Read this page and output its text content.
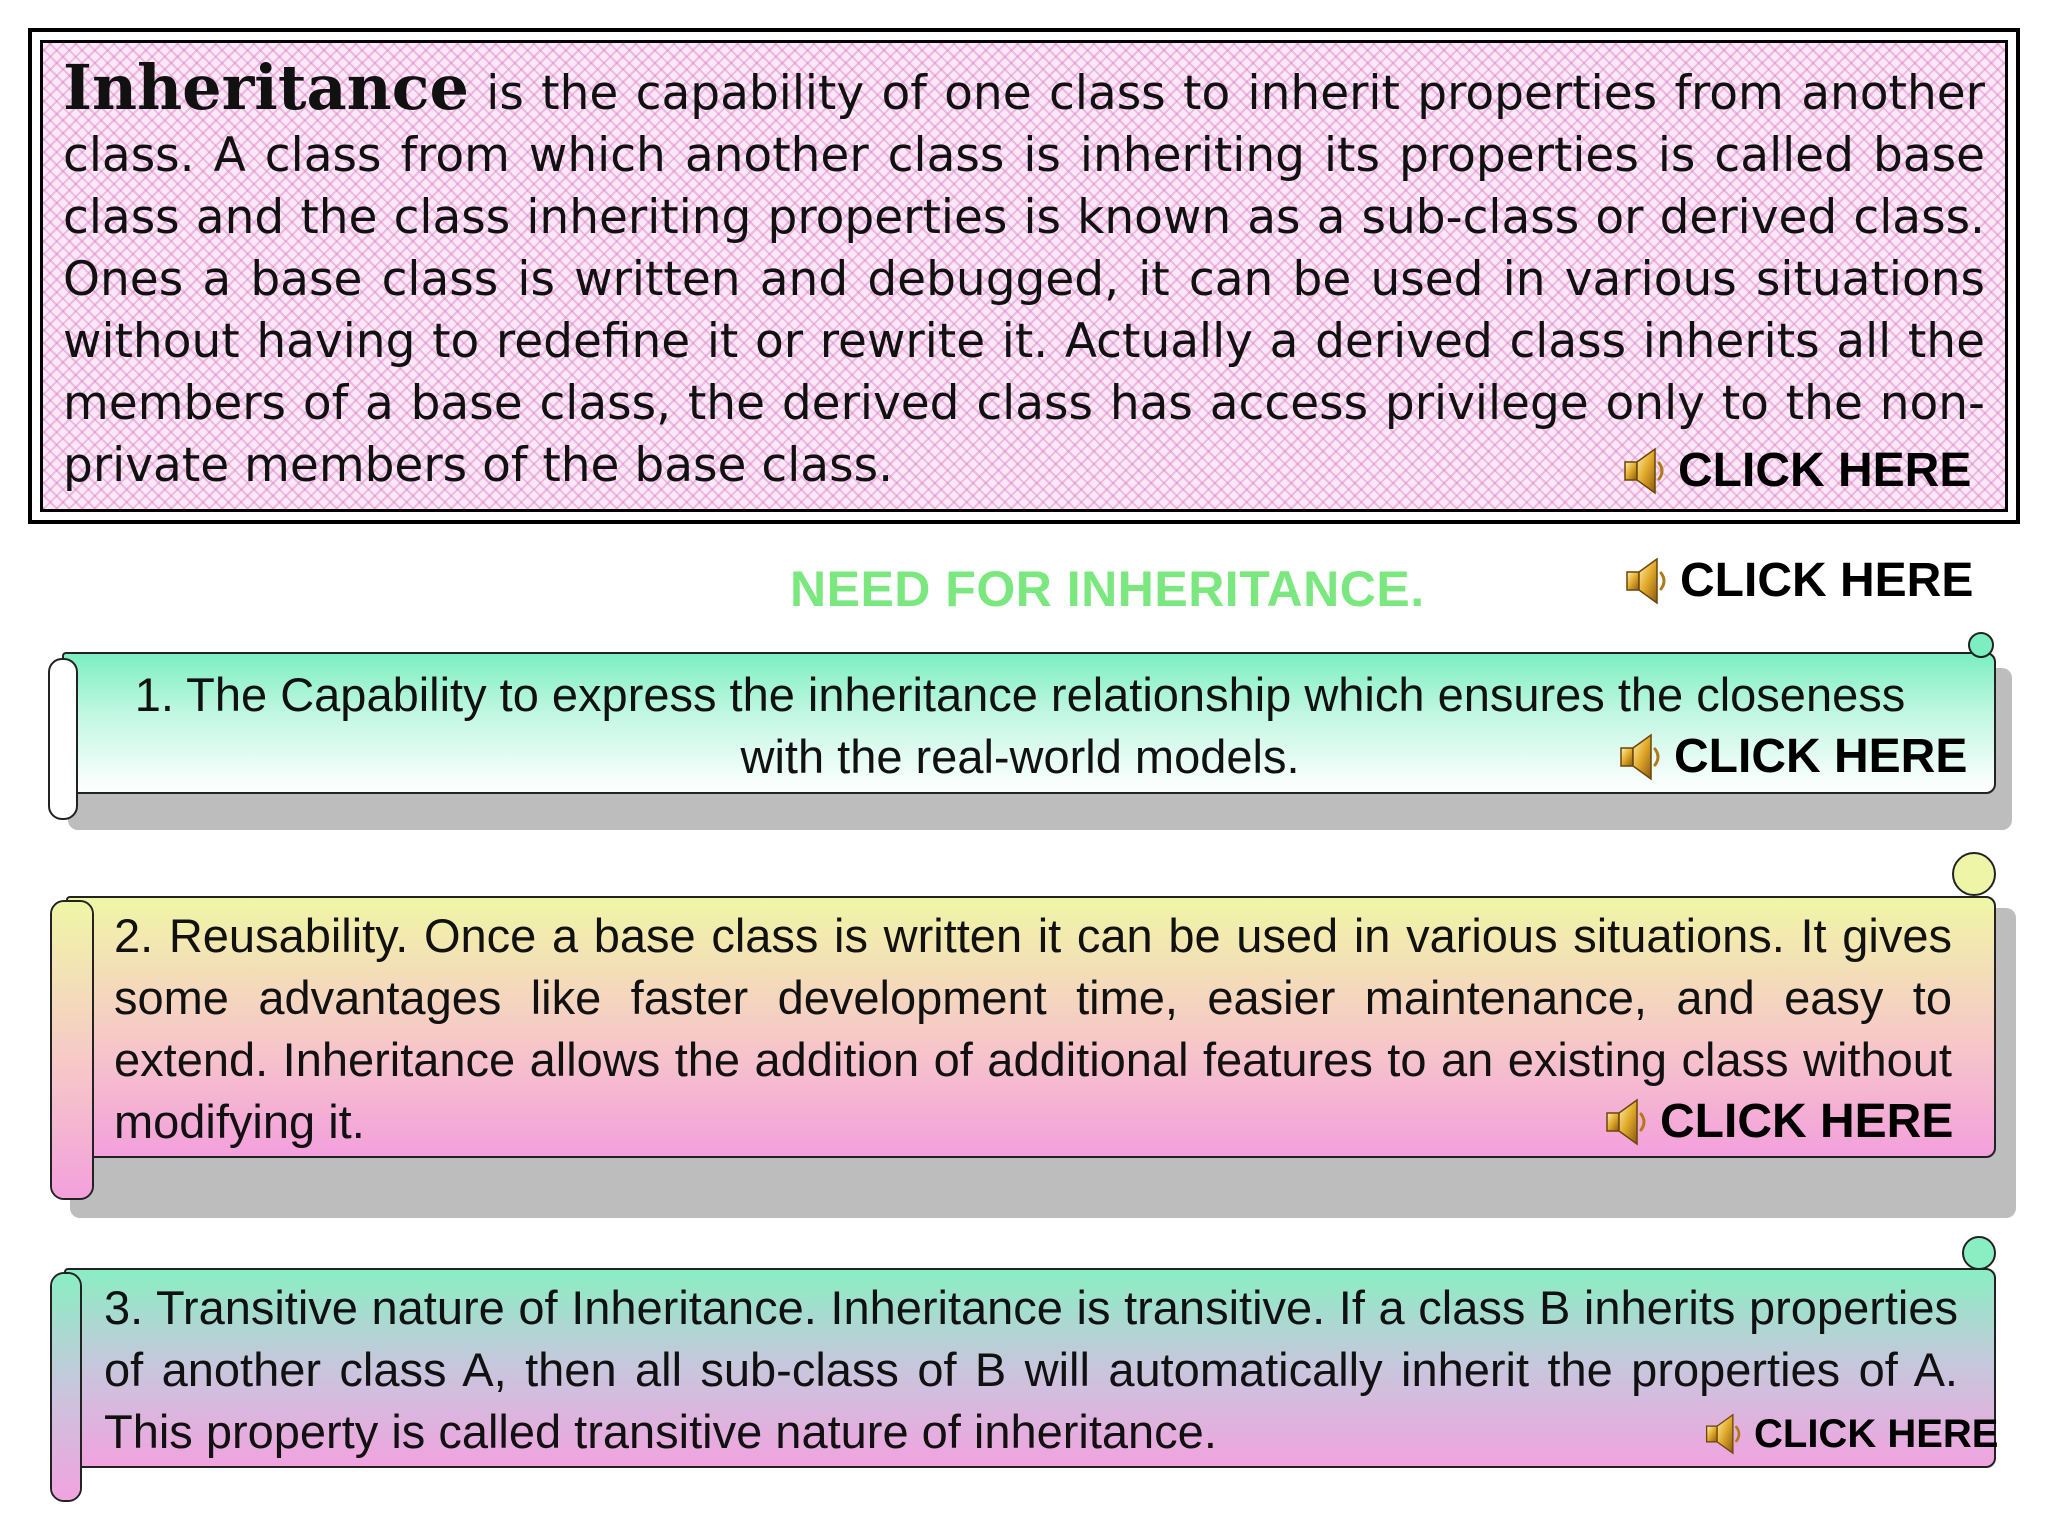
Inheritance is the capability of one class to inherit properties from another class. A class from which another class is inheriting its properties is called base class and the class inheriting properties is known as a sub-class or derived class. Ones a base class is written and debugged, it can be used in various situations without having to redefine it or rewrite it. Actually a derived class inherits all the members of a base class, the derived class has access privilege only to the non-private members of the base class.	CLICK HERE
NEED FOR INHERITANCE.	CLICK HERE
1. The Capability to express the inheritance relationship which ensures the closeness with the real-world models.	CLICK HERE
2. Reusability. Once a base class is written it can be used in various situations. It gives some advantages like faster development time, easier maintenance, and easy to extend. Inheritance allows the addition of additional features to an existing class without modifying it.	CLICK HERE
3. Transitive nature of Inheritance. Inheritance is transitive. If a class B inherits properties of another class A, then all sub-class of B will automatically inherit the properties of A. This property is called transitive nature of inheritance.	CLICK HERE
